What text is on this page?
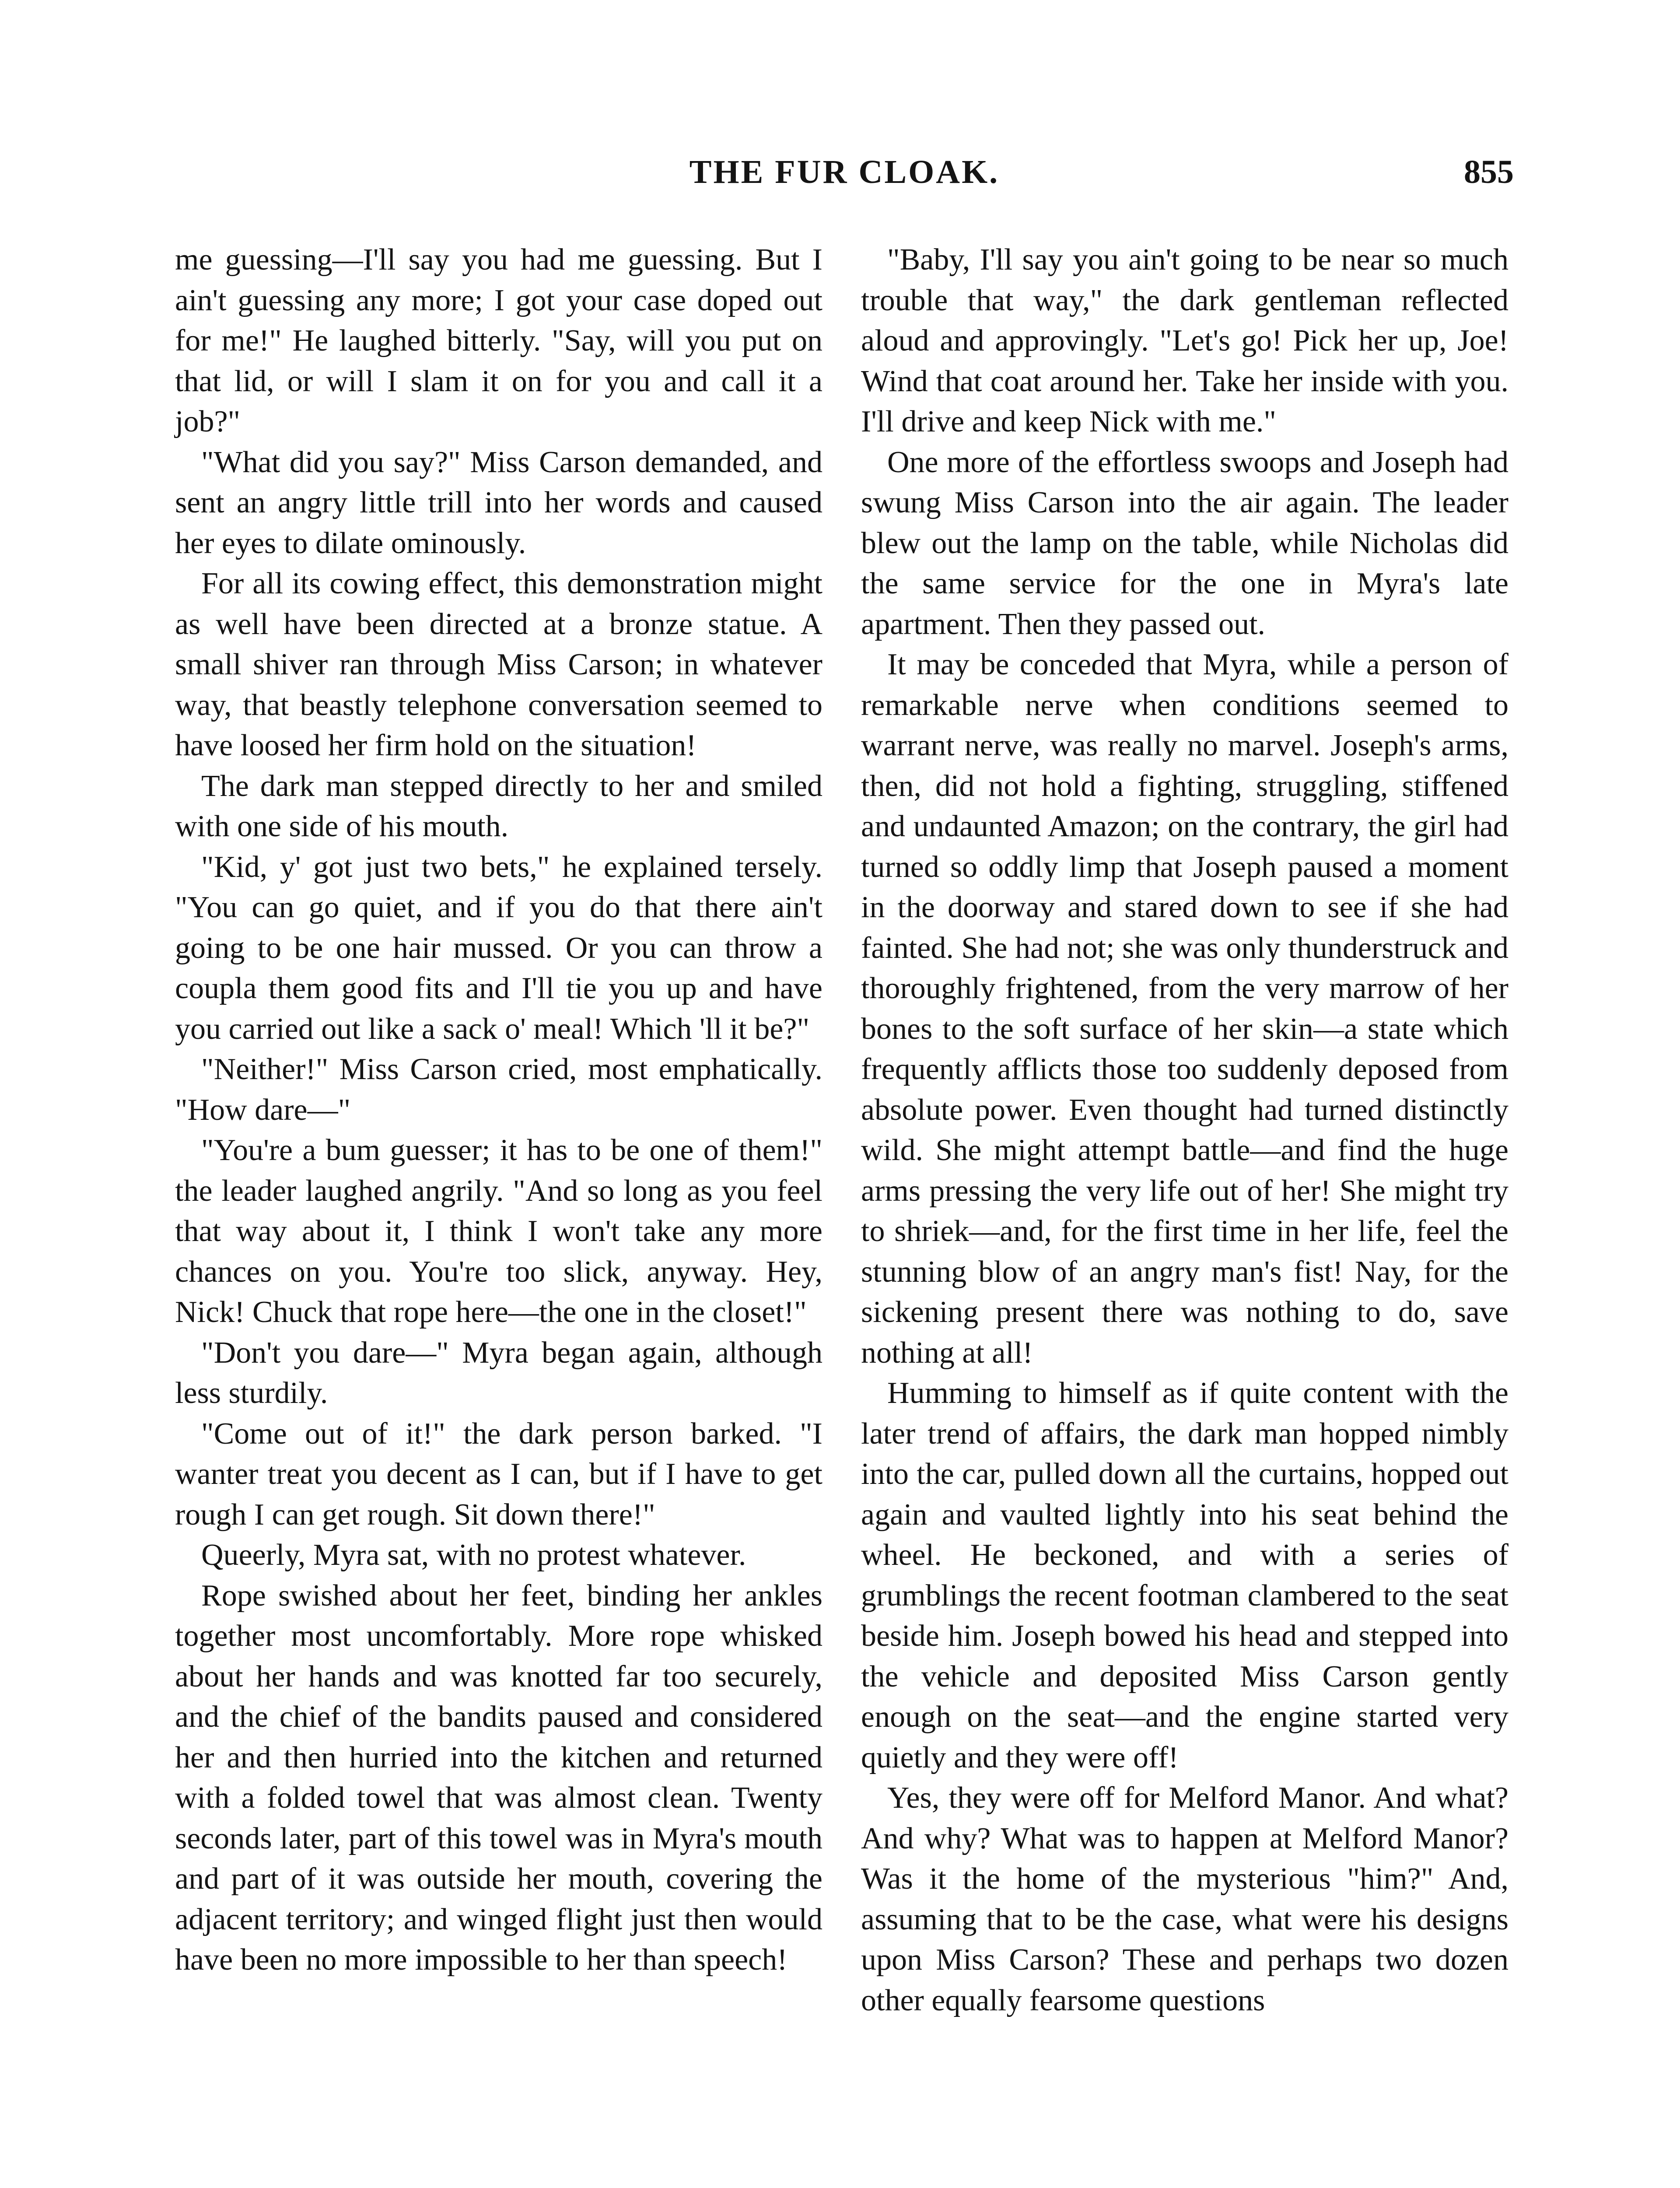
THE FUR CLOAK.	855

me guessing—I'll say you had me guessing. But I ain't guessing any more; I got your case doped out for me!" He laughed bitterly. "Say, will you put on that lid, or will I slam it on for you and call it a job?"

"What did you say?" Miss Carson demanded, and sent an angry little trill into her words and caused her eyes to dilate ominously.

For all its cowing effect, this demonstration might as well have been directed at a bronze statue. A small shiver ran through Miss Carson; in whatever way, that beastly telephone conversation seemed to have loosed her firm hold on the situation!

The dark man stepped directly to her and smiled with one side of his mouth.

"Kid, y' got just two bets," he explained tersely. "You can go quiet, and if you do that there ain't going to be one hair mussed. Or you can throw a coupla them good fits and I'll tie you up and have you carried out like a sack o' meal! Which 'll it be?"

"Neither!" Miss Carson cried, most emphatically. "How dare—"

"You're a bum guesser; it has to be one of them!" the leader laughed angrily. "And so long as you feel that way about it, I think I won't take any more chances on you. You're too slick, anyway. Hey, Nick! Chuck that rope here—the one in the closet!"

"Don't you dare—" Myra began again, although less sturdily.

"Come out of it!" the dark person barked. "I wanter treat you decent as I can, but if I have to get rough I can get rough. Sit down there!"

Queerly, Myra sat, with no protest whatever.

Rope swished about her feet, binding her ankles together most uncomfortably. More rope whisked about her hands and was knotted far too securely, and the chief of the bandits paused and considered her and then hurried into the kitchen and returned with a folded towel that was almost clean. Twenty seconds later, part of this towel was in Myra's mouth and part of it was outside her mouth, covering the adjacent territory; and winged flight just then would have been no more impossible to her than speech!

"Baby, I'll say you ain't going to be near so much trouble that way," the dark gentleman reflected aloud and approvingly. "Let's go! Pick her up, Joe! Wind that coat around her. Take her inside with you. I'll drive and keep Nick with me."

One more of the effortless swoops and Joseph had swung Miss Carson into the air again. The leader blew out the lamp on the table, while Nicholas did the same service for the one in Myra's late apartment. Then they passed out.

It may be conceded that Myra, while a person of remarkable nerve when conditions seemed to warrant nerve, was really no marvel. Joseph's arms, then, did not hold a fighting, struggling, stiffened and undaunted Amazon; on the contrary, the girl had turned so oddly limp that Joseph paused a moment in the doorway and stared down to see if she had fainted. She had not; she was only thunderstruck and thoroughly frightened, from the very marrow of her bones to the soft surface of her skin—a state which frequently afflicts those too suddenly deposed from absolute power. Even thought had turned distinctly wild. She might attempt battle—and find the huge arms pressing the very life out of her! She might try to shriek—and, for the first time in her life, feel the stunning blow of an angry man's fist! Nay, for the sickening present there was nothing to do, save nothing at all!

Humming to himself as if quite content with the later trend of affairs, the dark man hopped nimbly into the car, pulled down all the curtains, hopped out again and vaulted lightly into his seat behind the wheel. He beckoned, and with a series of grumblings the recent footman clambered to the seat beside him. Joseph bowed his head and stepped into the vehicle and deposited Miss Carson gently enough on the seat—and the engine started very quietly and they were off!

Yes, they were off for Melford Manor. And what? And why? What was to happen at Melford Manor? Was it the home of the mysterious "him?" And, assuming that to be the case, what were his designs upon Miss Carson? These and perhaps two dozen other equally fearsome questions
